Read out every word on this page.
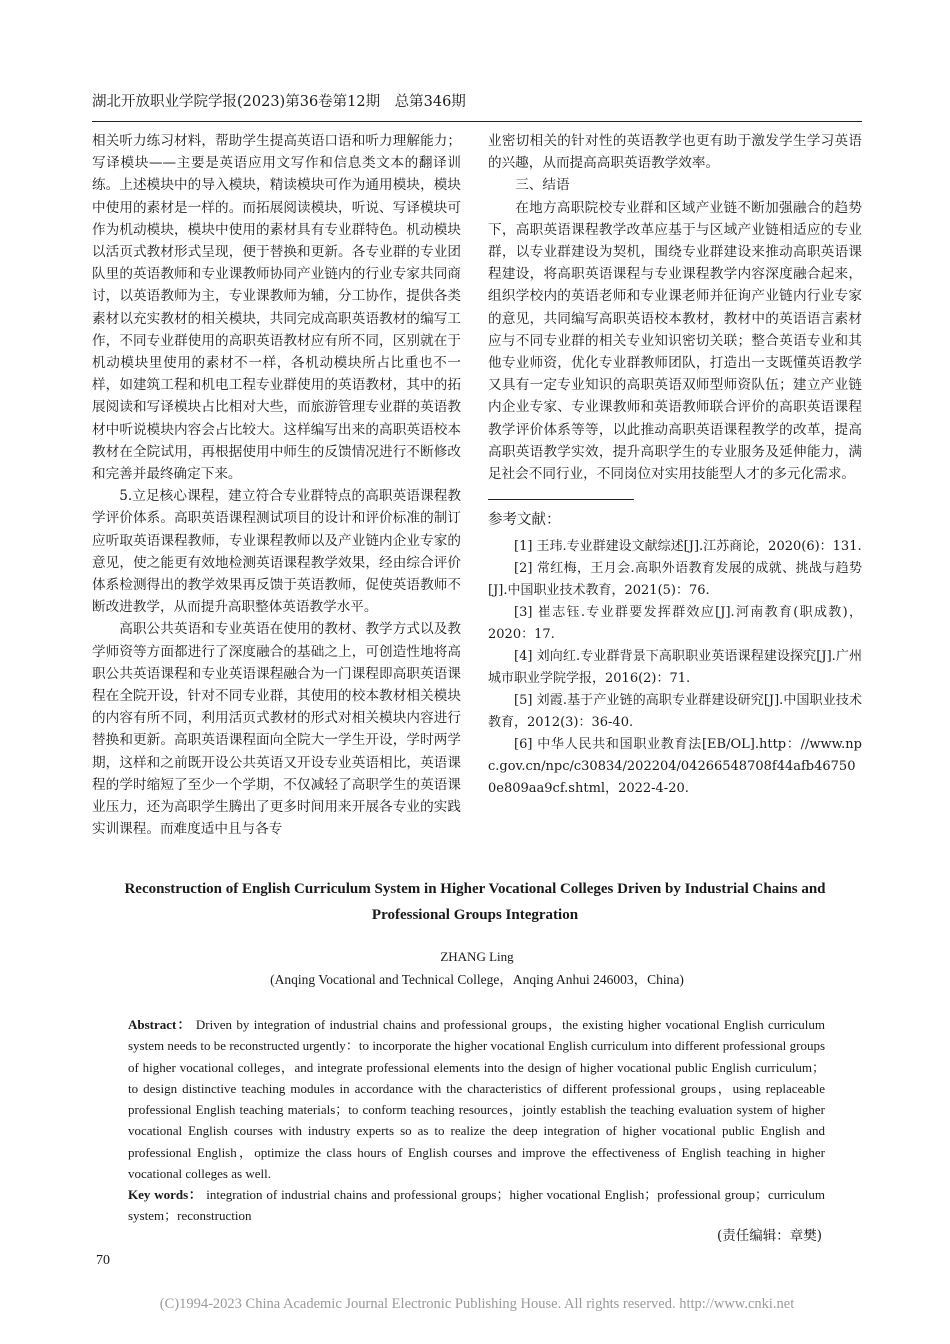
湖北开放职业学院学报(2023)第36卷第12期　总第346期

相关听力练习材料，帮助学生提高英语口语和听力理解能力；写译模块——主要是英语应用文写作和信息类文本的翻译训练。上述模块中的导入模块，精读模块可作为通用模块，模块中使用的素材是一样的。而拓展阅读模块，听说、写译模块可作为机动模块，模块中使用的素材具有专业群特色。机动模块以活页式教材形式呈现，便于替换和更新。各专业群的专业团队里的英语教师和专业课教师协同产业链内的行业专家共同商讨，以英语教师为主，专业课教师为辅，分工协作，提供各类素材以充实教材的相关模块，共同完成高职英语教材的编写工作，不同专业群使用的高职英语教材应有所不同，区别就在于机动模块里使用的素材不一样，各机动模块所占比重也不一样，如建筑工程和机电工程专业群使用的英语教材，其中的拓展阅读和写译模块占比相对大些，而旅游管理专业群的英语教材中听说模块内容会占比较大。这样编写出来的高职英语校本教材在全院试用，再根据使用中师生的反馈情况进行不断修改和完善并最终确定下来。

5.立足核心课程，建立符合专业群特点的高职英语课程教学评价体系。高职英语课程测试项目的设计和评价标准的制订应听取英语课程教师，专业课程教师以及产业链内企业专家的意见，使之能更有效地检测英语课程教学效果，经由综合评价体系检测得出的教学效果再反馈于英语教师，促使英语教师不断改进教学，从而提升高职整体英语教学水平。

高职公共英语和专业英语在使用的教材、教学方式以及教学师资等方面都进行了深度融合的基础之上，可创造性地将高职公共英语课程和专业英语课程融合为一门课程即高职英语课程在全院开设，针对不同专业群，其使用的校本教材相关模块的内容有所不同，利用活页式教材的形式对相关模块内容进行替换和更新。高职英语课程面向全院大一学生开设，学时两学期，这样和之前既开设公共英语又开设专业英语相比，英语课程的学时缩短了至少一个学期，不仅减轻了高职学生的英语课业压力，还为高职学生腾出了更多时间用来开展各专业的实践实训课程。而难度适中且与各专

业密切相关的针对性的英语教学也更有助于激发学生学习英语的兴趣，从而提高高职英语教学效率。

三、结语

在地方高职院校专业群和区域产业链不断加强融合的趋势下，高职英语课程教学改革应基于与区域产业链相适应的专业群，以专业群建设为契机，围绕专业群建设来推动高职英语课程建设，将高职英语课程与专业课程教学内容深度融合起来，组织学校内的英语老师和专业课老师并征询产业链内行业专家的意见，共同编写高职英语校本教材，教材中的英语语言素材应与不同专业群的相关专业知识密切关联；整合英语专业和其他专业师资，优化专业群教师团队，打造出一支既懂英语教学又具有一定专业知识的高职英语双师型师资队伍；建立产业链内企业专家、专业课教师和英语教师联合评价的高职英语课程教学评价体系等等，以此推动高职英语课程教学的改革，提高高职英语教学实效，提升高职学生的专业服务及延伸能力，满足社会不同行业，不同岗位对实用技能型人才的多元化需求。

参考文献：

[1] 王玮.专业群建设文献综述[J].江苏商论，2020(6)：131.

[2] 常红梅，王月会.高职外语教育发展的成就、挑战与趋势[J].中国职业技术教育，2021(5)：76.

[3] 崔志钰.专业群要发挥群效应[J].河南教育(职成教)，2020：17.

[4] 刘向红.专业群背景下高职职业英语课程建设探究[J].广州城市职业学院学报，2016(2)：71.

[5] 刘霞.基于产业链的高职专业群建设研究[J].中国职业技术教育，2012(3)：36-40.

[6] 中华人民共和国职业教育法[EB/OL].http：//www.npc.gov.cn/npc/c30834/202204/04266548708f44afb467500e809aa9cf.shtml，2022-4-20.

Reconstruction of English Curriculum System in Higher Vocational Colleges Driven by Industrial Chains and Professional Groups Integration
ZHANG Ling
(Anqing Vocational and Technical College，Anqing Anhui 246003，China)
Abstract： Driven by integration of industrial chains and professional groups，the existing higher vocational English curriculum system needs to be reconstructed urgently：to incorporate the higher vocational English curriculum into different professional groups of higher vocational colleges，and integrate professional elements into the design of higher vocational public English curriculum；to design distinctive teaching modules in accordance with the characteristics of different professional groups，using replaceable professional English teaching materials；to conform teaching resources，jointly establish the teaching evaluation system of higher vocational English courses with industry experts so as to realize the deep integration of higher vocational public English and professional English，optimize the class hours of English courses and improve the effectiveness of English teaching in higher vocational colleges as well.
Key words： integration of industrial chains and professional groups；higher vocational English；professional group；curriculum system；reconstruction
(责任编辑：章樊)
70
(C)1994-2023 China Academic Journal Electronic Publishing House. All rights reserved. http://www.cnki.net
